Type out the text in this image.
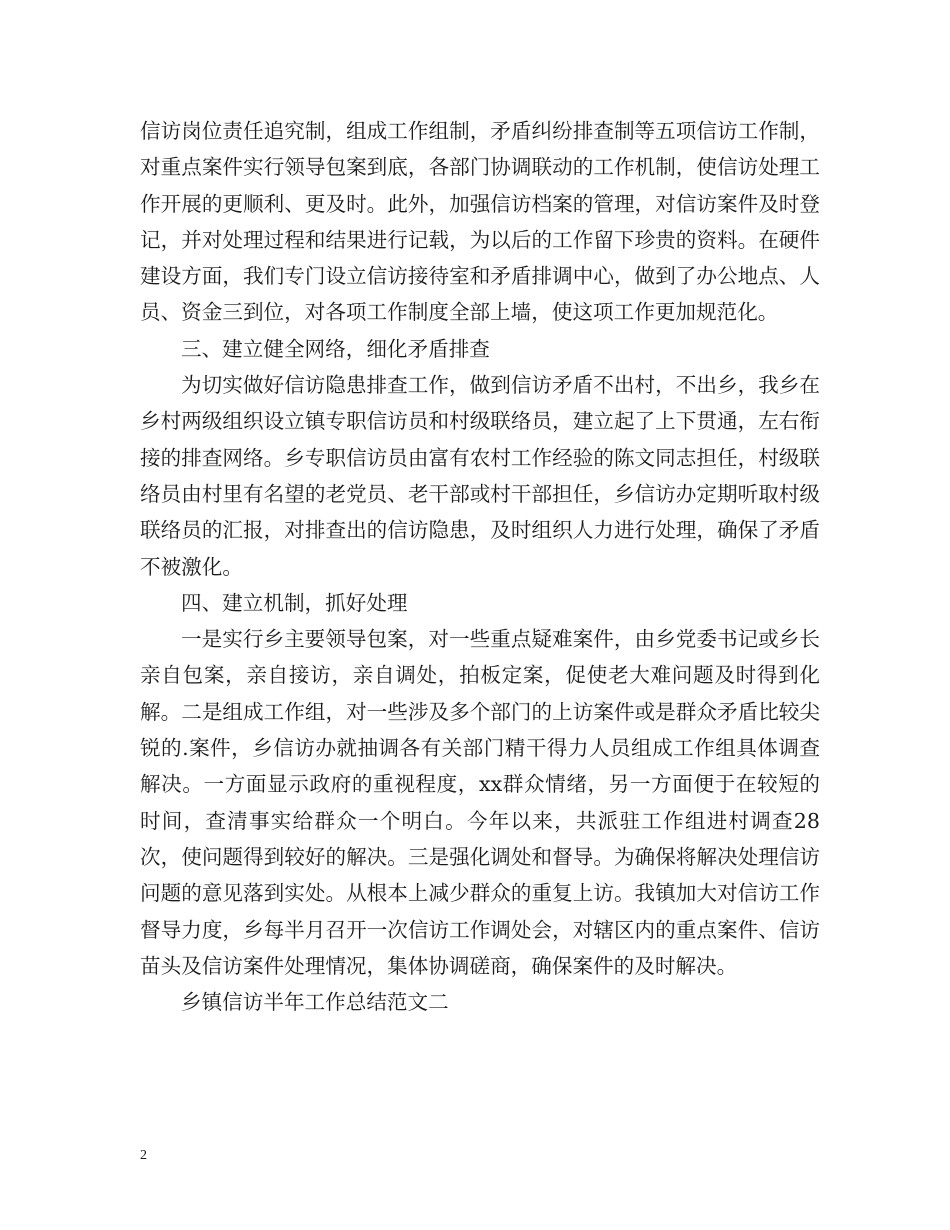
信访岗位责任追究制，组成工作组制，矛盾纠纷排查制等五项信访工作制，对重点案件实行领导包案到底，各部门协调联动的工作机制，使信访处理工作开展的更顺利、更及时。此外，加强信访档案的管理，对信访案件及时登记，并对处理过程和结果进行记载，为以后的工作留下珍贵的资料。在硬件建设方面，我们专门设立信访接待室和矛盾排调中心，做到了办公地点、人员、资金三到位，对各项工作制度全部上墙，使这项工作更加规范化。

三、建立健全网络，细化矛盾排查

为切实做好信访隐患排查工作，做到信访矛盾不出村，不出乡，我乡在乡村两级组织设立镇专职信访员和村级联络员，建立起了上下贯通，左右衔接的排查网络。乡专职信访员由富有农村工作经验的陈文同志担任，村级联络员由村里有名望的老党员、老干部或村干部担任，乡信访办定期听取村级联络员的汇报，对排查出的信访隐患，及时组织人力进行处理，确保了矛盾不被激化。

四、建立机制，抓好处理

一是实行乡主要领导包案，对一些重点疑难案件，由乡党委书记或乡长亲自包案，亲自接访，亲自调处，拍板定案，促使老大难问题及时得到化解。二是组成工作组，对一些涉及多个部门的上访案件或是群众矛盾比较尖锐的.案件，乡信访办就抽调各有关部门精干得力人员组成工作组具体调查解决。一方面显示政府的重视程度，xx群众情绪，另一方面便于在较短的时间，查清事实给群众一个明白。今年以来，共派驻工作组进村调查28次，使问题得到较好的解决。三是强化调处和督导。为确保将解决处理信访问题的意见落到实处。从根本上减少群众的重复上访。我镇加大对信访工作督导力度，乡每半月召开一次信访工作调处会，对辖区内的重点案件、信访苗头及信访案件处理情况，集体协调磋商，确保案件的及时解决。

乡镇信访半年工作总结范文二

2
